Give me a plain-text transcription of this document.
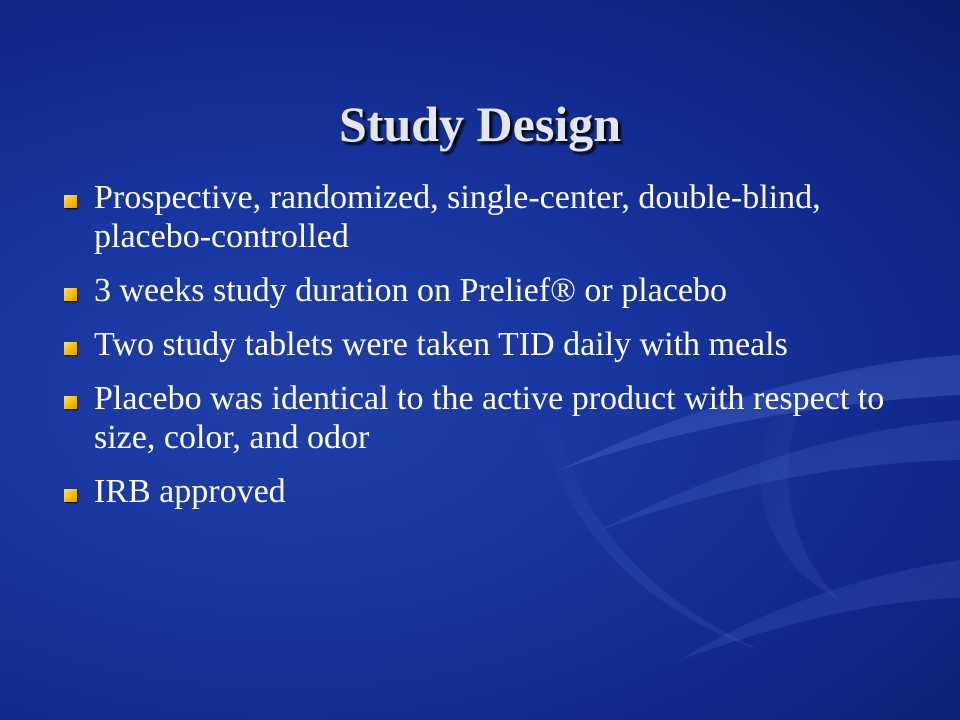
Study Design
Prospective, randomized, single-center, double-blind, placebo-controlled
3 weeks study duration on Prelief® or placebo
Two study tablets were taken TID daily with meals
Placebo was identical to the active product with respect to size, color, and odor
IRB approved
